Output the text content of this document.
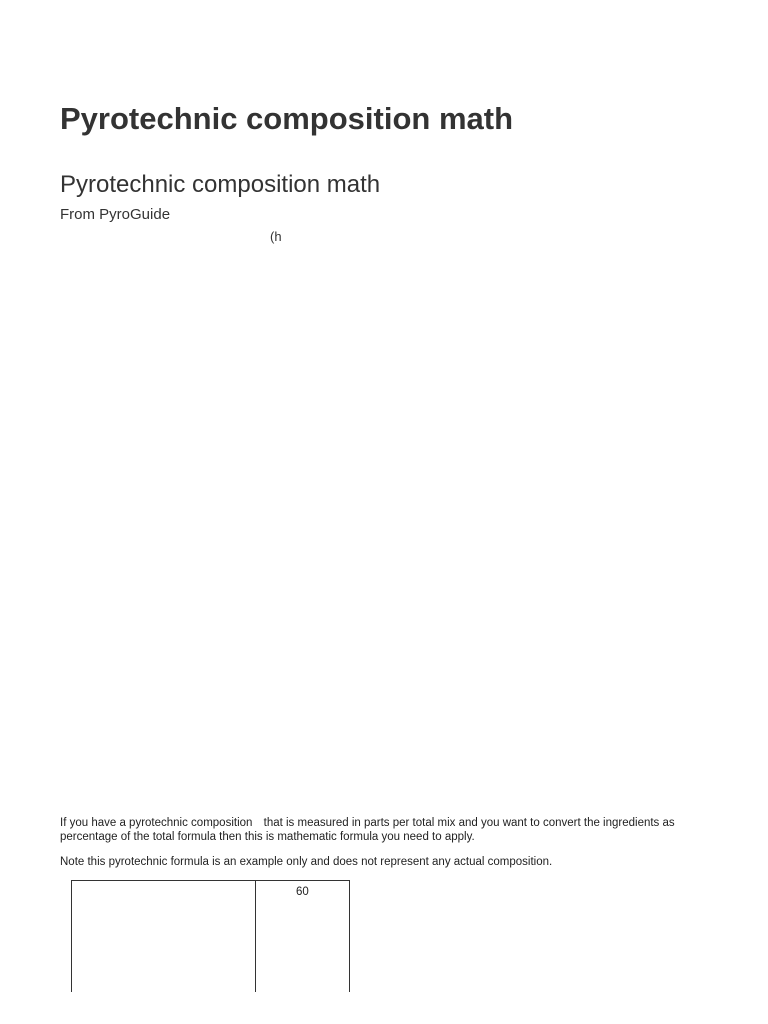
Pyrotechnic composition math
Pyrotechnic composition math

From PyroGuide

(h

If you have a pyrotechnic composition that is measured in parts per total mix and you want to convert the ingredients as percentage of the total formula then this is mathematic formula you need to apply.

Note this pyrotechnic formula is an example only and does not represent any actual composition.

60
